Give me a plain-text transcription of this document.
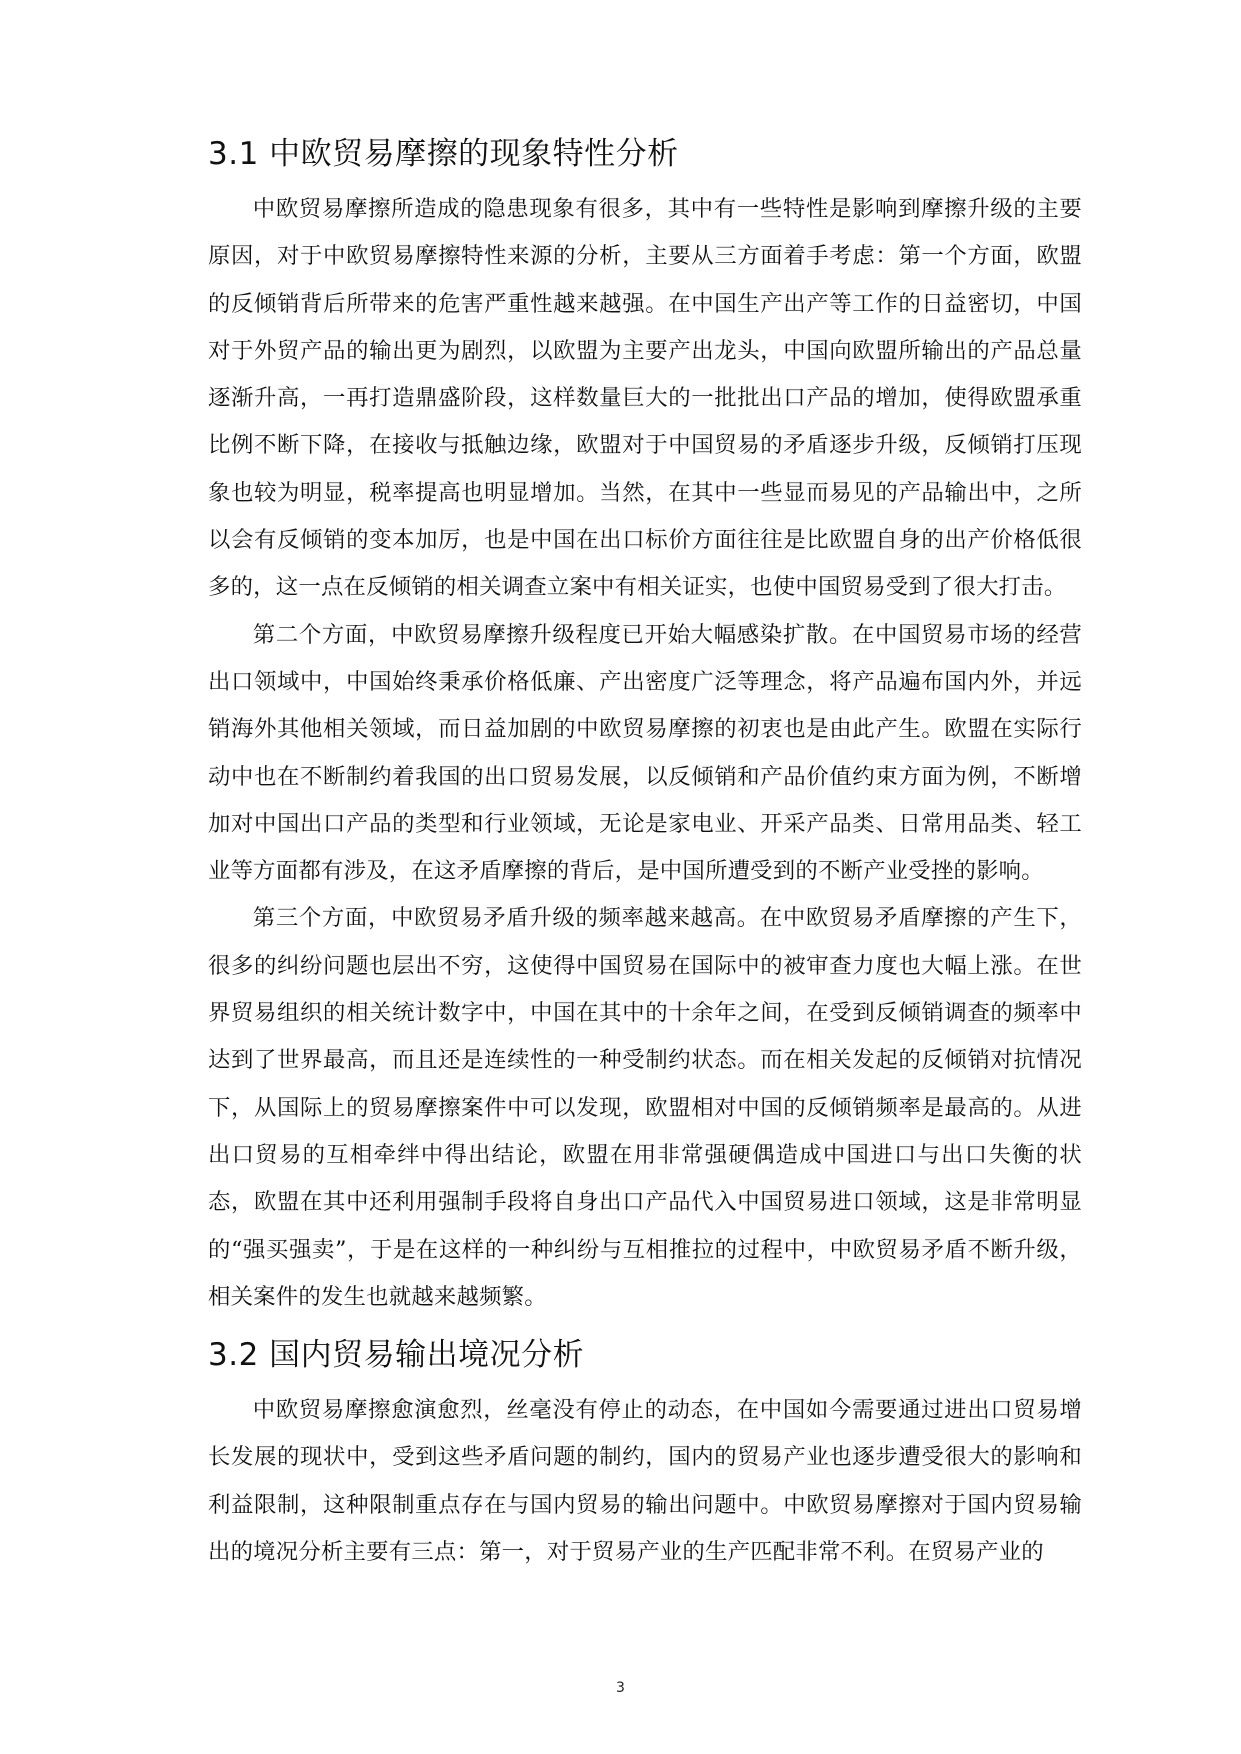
3.1 中欧贸易摩擦的现象特性分析

中欧贸易摩擦所造成的隐患现象有很多，其中有一些特性是影响到摩擦升级的主要原因，对于中欧贸易摩擦特性来源的分析，主要从三方面着手考虑：第一个方面，欧盟的反倾销背后所带来的危害严重性越来越强。在中国生产出产等工作的日益密切，中国对于外贸产品的输出更为剧烈，以欧盟为主要产出龙头，中国向欧盟所输出的产品总量逐渐升高，一再打造鼎盛阶段，这样数量巨大的一批批出口产品的增加，使得欧盟承重比例不断下降，在接收与抵触边缘，欧盟对于中国贸易的矛盾逐步升级，反倾销打压现象也较为明显，税率提高也明显增加。当然，在其中一些显而易见的产品输出中，之所以会有反倾销的变本加厉，也是中国在出口标价方面往往是比欧盟自身的出产价格低很多的，这一点在反倾销的相关调查立案中有相关证实，也使中国贸易受到了很大打击。

第二个方面，中欧贸易摩擦升级程度已开始大幅感染扩散。在中国贸易市场的经营出口领域中，中国始终秉承价格低廉、产出密度广泛等理念，将产品遍布国内外，并远销海外其他相关领域，而日益加剧的中欧贸易摩擦的初衷也是由此产生。欧盟在实际行动中也在不断制约着我国的出口贸易发展，以反倾销和产品价值约束方面为例，不断增加对中国出口产品的类型和行业领域，无论是家电业、开采产品类、日常用品类、轻工业等方面都有涉及，在这矛盾摩擦的背后，是中国所遭受到的不断产业受挫的影响。

第三个方面，中欧贸易矛盾升级的频率越来越高。在中欧贸易矛盾摩擦的产生下，很多的纠纷问题也层出不穷，这使得中国贸易在国际中的被审查力度也大幅上涨。在世界贸易组织的相关统计数字中，中国在其中的十余年之间，在受到反倾销调查的频率中达到了世界最高，而且还是连续性的一种受制约状态。而在相关发起的反倾销对抗情况下，从国际上的贸易摩擦案件中可以发现，欧盟相对中国的反倾销频率是最高的。从进出口贸易的互相牵绊中得出结论，欧盟在用非常强硬偶造成中国进口与出口失衡的状态，欧盟在其中还利用强制手段将自身出口产品代入中国贸易进口领域，这是非常明显的“强买强卖”，于是在这样的一种纠纷与互相推拉的过程中，中欧贸易矛盾不断升级，相关案件的发生也就越来越频繁。

3.2 国内贸易输出境况分析

中欧贸易摩擦愈演愈烈，丝毫没有停止的动态，在中国如今需要通过进出口贸易增长发展的现状中，受到这些矛盾问题的制约，国内的贸易产业也逐步遭受很大的影响和利益限制，这种限制重点存在与国内贸易的输出问题中。中欧贸易摩擦对于国内贸易输出的境况分析主要有三点：第一，对于贸易产业的生产匹配非常不利。在贸易产业的

3
